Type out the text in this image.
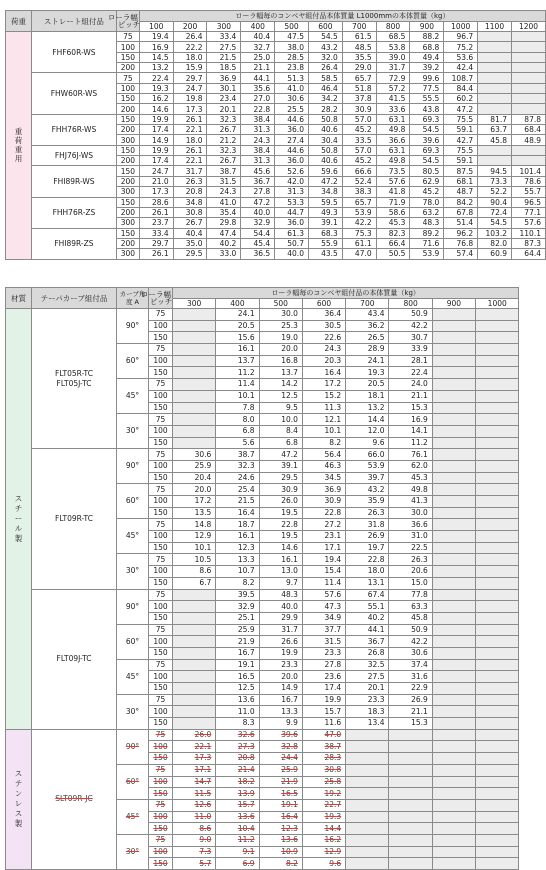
荷重	ストレート組付品	ローラ幅
ピッチ	ローラ幅毎のコンベヤ組付品本体質量 L1000mmの本体質量（kg）											
			100	200	300	400	500	600	700	800	900	1000	1100	1200
重荷重用	FHF60R-WS	75	19.4	26.4	33.4	40.4	47.5	54.5	61.5	68.5	88.2	96.7		
		100	16.9	22.2	27.5	32.7	38.0	43.2	48.5	53.8	68.8	75.2		
		150	14.5	18.0	21.5	25.0	28.5	32.0	35.5	39.0	49.4	53.6		
		200	13.2	15.9	18.5	21.1	23.8	26.4	29.0	31.7	39.2	42.4		
	FHW60R-WS	75	22.4	29.7	36.9	44.1	51.3	58.5	65.7	72.9	99.6	108.7		
		100	19.3	24.7	30.1	35.6	41.0	46.4	51.8	57.2	77.5	84.4		
		150	16.2	19.8	23.4	27.0	30.6	34.2	37.8	41.5	55.5	60.2		
		200	14.6	17.3	20.1	22.8	25.5	28.2	30.9	33.6	43.8	47.2		
	FHH76R-WS	150	19.9	26.1	32.3	38.4	44.6	50.8	57.0	63.1	69.3	75.5	81.7	87.8
		200	17.4	22.1	26.7	31.3	36.0	40.6	45.2	49.8	54.5	59.1	63.7	68.4
		300	14.9	18.0	21.2	24.3	27.4	30.4	33.5	36.6	39.6	42.7	45.8	48.9
	FHJ76J-WS	150	19.9	26.1	32.3	38.4	44.6	50.8	57.0	63.1	69.3	75.5		
		200	17.4	22.1	26.7	31.3	36.0	40.6	45.2	49.8	54.5	59.1		
	FHI89R-WS	150	24.7	31.7	38.7	45.6	52.6	59.6	66.6	73.5	80.5	87.5	94.5	101.4
		200	21.0	26.3	31.5	36.7	42.0	47.2	52.4	57.6	62.9	68.1	73.3	78.6
		300	17.3	20.8	24.3	27.8	31.3	34.8	38.3	41.8	45.2	48.7	52.2	55.7
	FHH76R-ZS	150	28.6	34.8	41.0	47.2	53.3	59.5	65.7	71.9	78.0	84.2	90.4	96.5
		200	26.1	30.8	35.4	40.0	44.7	49.3	53.9	58.6	63.2	67.8	72.4	77.1
		300	23.7	26.7	29.8	32.9	36.0	39.1	42.2	45.3	48.3	51.4	54.5	57.6
	FHI89R-ZS	150	33.4	40.4	47.4	54.4	61.3	68.3	75.3	82.3	89.2	96.2	103.2	110.1
		200	29.7	35.0	40.2	45.4	50.7	55.9	61.1	66.4	71.6	76.8	82.0	87.3
		300	26.1	29.5	33.0	36.5	40.0	43.5	47.0	50.5	53.9	57.4	60.9	64.4
材質	テーパカーブ組付品	カーブ角度 A	ローラ幅
ピッチ	ローラ幅毎のコンベヤ組付品の本体質量（kg）							
				300	400	500	600	700	800	900	1000
スチール製	FLT05R-TC FLT05J-TC	90°	75		24.1	30.0	36.4	43.4	50.9		
			100		20.5	25.3	30.5	36.2	42.2		
			150		15.6	19.0	22.6	26.5	30.7		
		60°	75		16.1	20.0	24.3	28.9	33.9		
			100		13.7	16.8	20.3	24.1	28.1		
			150		11.2	13.7	16.4	19.3	22.4		
		45°	75		11.4	14.2	17.2	20.5	24.0		
			100		10.1	12.5	15.2	18.1	21.1		
			150		7.8	9.5	11.3	13.2	15.3		
		30°	75		8.0	10.0	12.1	14.4	16.9		
			100		6.8	8.4	10.1	12.0	14.1		
			150		5.6	6.8	8.2	9.6	11.2		
	FLT09R-TC	90°	75	30.6	38.7	47.2	56.4	66.0	76.1		
			100	25.9	32.3	39.1	46.3	53.9	62.0		
			150	20.4	24.6	29.5	34.5	39.7	45.3		
		60°	75	20.0	25.4	30.9	36.9	43.2	49.8		
			100	17.2	21.5	26.0	30.9	35.9	41.3		
			150	13.5	16.4	19.5	22.8	26.3	30.0		
		45°	75	14.8	18.7	22.8	27.2	31.8	36.6		
			100	12.9	16.1	19.5	23.1	26.9	31.0		
			150	10.1	12.3	14.6	17.1	19.7	22.5		
		30°	75	10.5	13.3	16.1	19.4	22.8	26.3		
			100	8.6	10.7	13.0	15.4	18.0	20.6		
			150	6.7	8.2	9.7	11.4	13.1	15.0		
	FLT09J-TC	90°	75		39.5	48.3	57.6	67.4	77.8		
			100		32.9	40.0	47.3	55.1	63.3		
			150		25.1	29.9	34.9	40.2	45.8		
		60°	75		25.9	31.7	37.7	44.1	50.9		
			100		21.9	26.6	31.5	36.7	42.2		
			150		16.7	19.9	23.3	26.8	30.6		
		45°	75		19.1	23.3	27.8	32.5	37.4		
			100		16.5	20.0	23.6	27.5	31.6		
			150		12.5	14.9	17.4	20.1	22.9		
		30°	75		13.6	16.7	19.9	23.3	26.9		
			100		11.0	13.3	15.7	18.3	21.1		
			150		8.3	9.9	11.6	13.4	15.3		
ステンレス製	SLT09R-JC	90°	75	26.0	32.6	39.6	47.0				
			100	22.1	27.3	32.8	38.7				
			150	17.3	20.8	24.4	28.3				
		60°	75	17.1	21.4	25.9	30.8				
			100	14.7	18.2	21.9	25.8				
			150	11.5	13.9	16.5	19.2				
		45°	75	12.6	15.7	19.1	22.7				
			100	11.0	13.6	16.4	19.3				
			150	8.6	10.4	12.3	14.4				
		30°	75	9.0	11.2	13.6	16.2				
			100	7.3	9.1	10.9	12.9				
			150	5.7	6.9	8.2	9.6				
